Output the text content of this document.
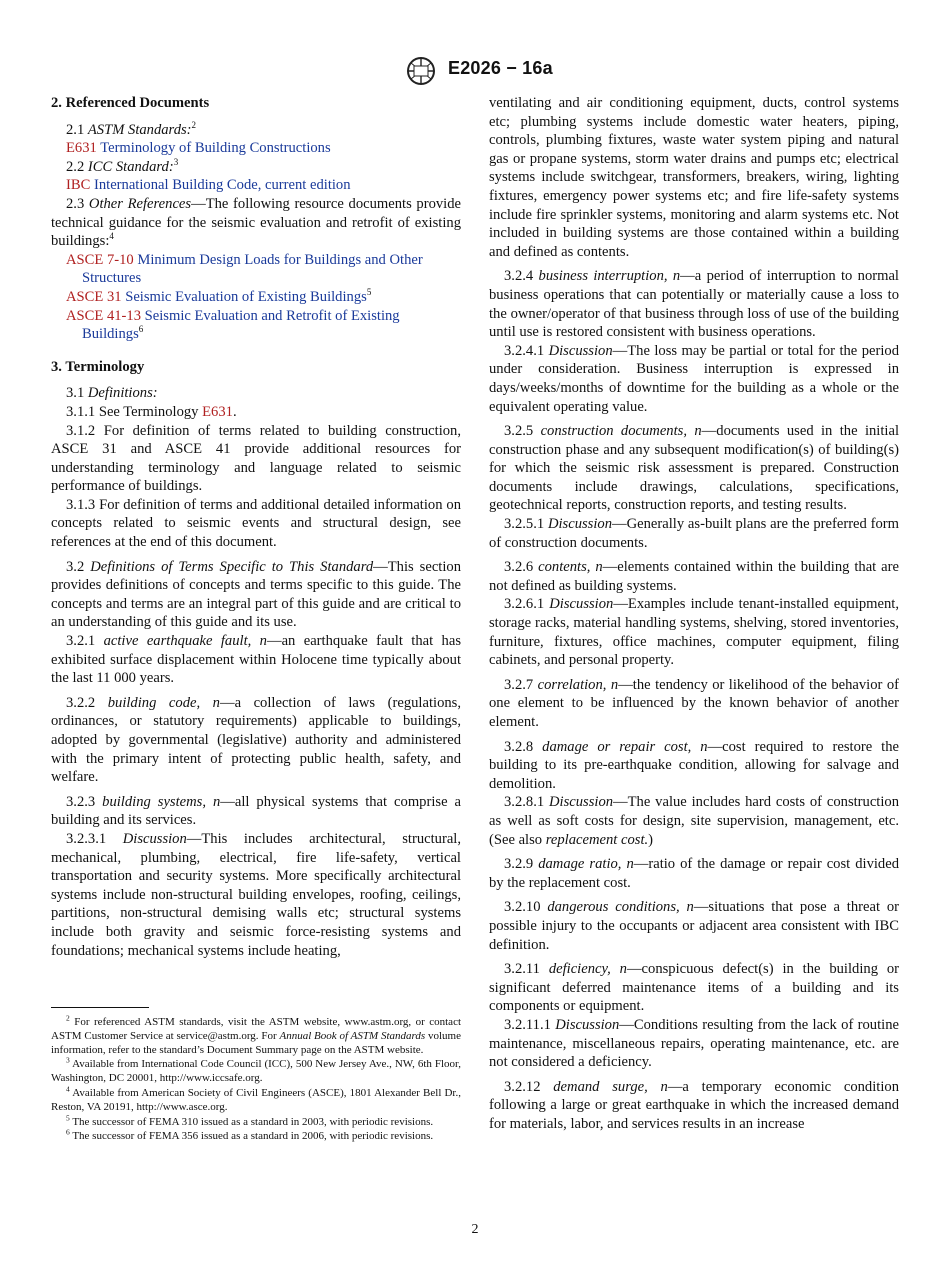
E2026 − 16a

2. Referenced Documents

2.1 ASTM Standards:$^2$

E631 Terminology of Building Constructions

2.2 ICC Standard:$^3$

IBC International Building Code, current edition

2.3 Other References—The following resource documents provide technical guidance for the seismic evaluation and retrofit of existing buildings:$^4$

ASCE 7-10 Minimum Design Loads for Buildings and Other Structures

ASCE 31 Seismic Evaluation of Existing Buildings$^5$

ASCE 41-13 Seismic Evaluation and Retrofit of Existing Buildings$^6$

3. Terminology

3.1 Definitions:

3.1.1 See Terminology E631.

3.1.2 For definition of terms related to building construction, ASCE 31 and ASCE 41 provide additional resources for understanding terminology and language related to seismic performance of buildings.

3.1.3 For definition of terms and additional detailed information on concepts related to seismic events and structural design, see references at the end of this document.

3.2 Definitions of Terms Specific to This Standard—This section provides definitions of concepts and terms specific to this guide. The concepts and terms are an integral part of this guide and are critical to an understanding of this guide and its use.

3.2.1 active earthquake fault, n—an earthquake fault that has exhibited surface displacement within Holocene time typically about the last 11 000 years.

3.2.2 building code, n—a collection of laws (regulations, ordinances, or statutory requirements) applicable to buildings, adopted by governmental (legislative) authority and administered with the primary intent of protecting public health, safety, and welfare.

3.2.3 building systems, n—all physical systems that comprise a building and its services.

3.2.3.1 Discussion—This includes architectural, structural, mechanical, plumbing, electrical, fire life-safety, vertical transportation and security systems. More specifically architectural systems include non-structural building envelopes, roofing, ceilings, partitions, non-structural demising walls etc; structural systems include both gravity and seismic force-resisting systems and foundations; mechanical systems include heating,

$^2$ For referenced ASTM standards, visit the ASTM website, www.astm.org, or contact ASTM Customer Service at service@astm.org. For Annual Book of ASTM Standards volume information, refer to the standard’s Document Summary page on the ASTM website.

$^3$ Available from International Code Council (ICC), 500 New Jersey Ave., NW, 6th Floor, Washington, DC 20001, http://www.iccsafe.org.

$^4$ Available from American Society of Civil Engineers (ASCE), 1801 Alexander Bell Dr., Reston, VA 20191, http://www.asce.org.

$^5$ The successor of FEMA 310 issued as a standard in 2003, with periodic revisions.

$^6$ The successor of FEMA 356 issued as a standard in 2006, with periodic revisions.

ventilating and air conditioning equipment, ducts, control systems etc; plumbing systems include domestic water heaters, piping, controls, plumbing fixtures, waste water system piping and natural gas or propane systems, storm water drains and pumps etc; electrical systems include switchgear, transformers, breakers, wiring, lighting fixtures, emergency power systems etc; and fire life-safety systems include fire sprinkler systems, monitoring and alarm systems etc. Not included in building systems are those contained within a building and defined as contents.

3.2.4 business interruption, n—a period of interruption to normal business operations that can potentially or materially cause a loss to the owner/operator of that business through loss of use of the building until use is restored consistent with business operations.

3.2.4.1 Discussion—The loss may be partial or total for the period under consideration. Business interruption is expressed in days/weeks/months of downtime for the building as a whole or the equivalent operating value.

3.2.5 construction documents, n—documents used in the initial construction phase and any subsequent modification(s) of building(s) for which the seismic risk assessment is prepared. Construction documents include drawings, calculations, specifications, geotechnical reports, construction reports, and testing results.

3.2.5.1 Discussion—Generally as-built plans are the preferred form of construction documents.

3.2.6 contents, n—elements contained within the building that are not defined as building systems.

3.2.6.1 Discussion—Examples include tenant-installed equipment, storage racks, material handling systems, shelving, stored inventories, furniture, fixtures, office machines, computer equipment, filing cabinets, and personal property.

3.2.7 correlation, n—the tendency or likelihood of the behavior of one element to be influenced by the known behavior of another element.

3.2.8 damage or repair cost, n—cost required to restore the building to its pre-earthquake condition, allowing for salvage and demolition.

3.2.8.1 Discussion—The value includes hard costs of construction as well as soft costs for design, site supervision, management, etc. (See also replacement cost.)

3.2.9 damage ratio, n—ratio of the damage or repair cost divided by the replacement cost.

3.2.10 dangerous conditions, n—situations that pose a threat or possible injury to the occupants or adjacent area consistent with IBC definition.

3.2.11 deficiency, n—conspicuous defect(s) in the building or significant deferred maintenance items of a building and its components or equipment.

3.2.11.1 Discussion—Conditions resulting from the lack of routine maintenance, miscellaneous repairs, operating maintenance, etc. are not considered a deficiency.

3.2.12 demand surge, n—a temporary economic condition following a large or great earthquake in which the increased demand for materials, labor, and services results in an increase

2
